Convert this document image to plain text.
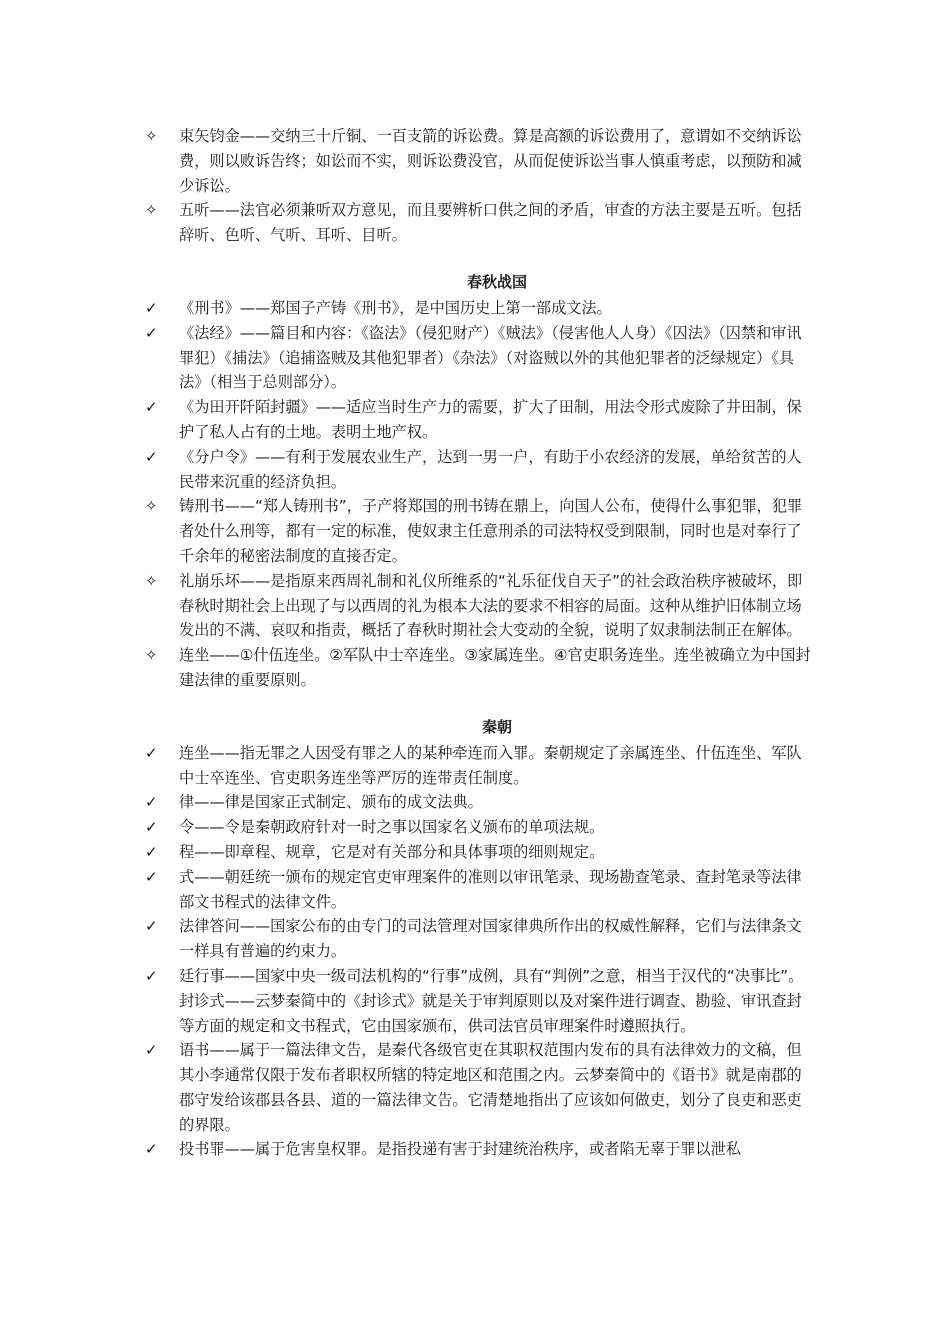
✧	束矢钧金——交纳三十斤铜、一百支箭的诉讼费。算是高额的诉讼费用了，意谓如不交纳诉讼费，则以败诉告终；如讼而不实，则诉讼费没官，从而促使诉讼当事人慎重考虑，以预防和减少诉讼。

✧	五听——法官必须兼听双方意见，而且要辨析口供之间的矛盾，审查的方法主要是五听。包括辞听、色听、气听、耳听、目听。

春秋战国

✓	《刑书》——郑国子产铸《刑书》，是中国历史上第一部成文法。

✓	《法经》——篇目和内容：《盗法》（侵犯财产）《贼法》（侵害他人人身）《囚法》（囚禁和审讯罪犯）《捕法》（追捕盗贼及其他犯罪者）《杂法》（对盗贼以外的其他犯罪者的泛绿规定）《具法》（相当于总则部分）。

✓	《为田开阡陌封疆》——适应当时生产力的需要，扩大了田制，用法令形式废除了井田制，保护了私人占有的土地。表明土地产权。

✓	《分户令》——有利于发展农业生产，达到一男一户，有助于小农经济的发展，单给贫苦的人民带来沉重的经济负担。

✧	铸刑书——“郑人铸刑书”，子产将郑国的刑书铸在鼎上，向国人公布，使得什么事犯罪，犯罪者处什么刑等，都有一定的标准，使奴隶主任意刑杀的司法特权受到限制，同时也是对奉行了千余年的秘密法制度的直接否定。

✧	礼崩乐坏——是指原来西周礼制和礼仪所维系的“礼乐征伐自天子”的社会政治秩序被破坏，即春秋时期社会上出现了与以西周的礼为根本大法的要求不相容的局面。这种从维护旧体制立场发出的不满、哀叹和指责，概括了春秋时期社会大变动的全貌，说明了奴隶制法制正在解体。

✧	连坐——①什伍连坐。②军队中士卒连坐。③家属连坐。④官吏职务连坐。连坐被确立为中国封建法律的重要原则。

秦朝

✓	连坐——指无罪之人因受有罪之人的某种牵连而入罪。秦朝规定了亲属连坐、什伍连坐、军队中士卒连坐、官吏职务连坐等严厉的连带责任制度。

✓	律——律是国家正式制定、颁布的成文法典。

✓	令——令是秦朝政府针对一时之事以国家名义颁布的单项法规。

✓	程——即章程、规章，它是对有关部分和具体事项的细则规定。

✓	式——朝廷统一颁布的规定官吏审理案件的准则以审讯笔录、现场勘查笔录、查封笔录等法律部文书程式的法律文件。

✓	法律答问——国家公布的由专门的司法管理对国家律典所作出的权威性解释，它们与法律条文一样具有普遍的约束力。

✓	廷行事——国家中央一级司法机构的“行事”成例，具有“判例”之意，相当于汉代的“决事比”。封诊式——云梦秦简中的《封诊式》就是关于审判原则以及对案件进行调查、勘验、审讯查封等方面的规定和文书程式，它由国家颁布，供司法官员审理案件时遵照执行。

✓	语书——属于一篇法律文告，是秦代各级官吏在其职权范围内发布的具有法律效力的文稿，但其小李通常仅限于发布者职权所辖的特定地区和范围之内。云梦秦简中的《语书》就是南郡的郡守发给该郡县各县、道的一篇法律文告。它清楚地指出了应该如何做吏，划分了良吏和恶吏的界限。

✓	投书罪——属于危害皇权罪。是指投递有害于封建统治秩序，或者陷无辜于罪以泄私
